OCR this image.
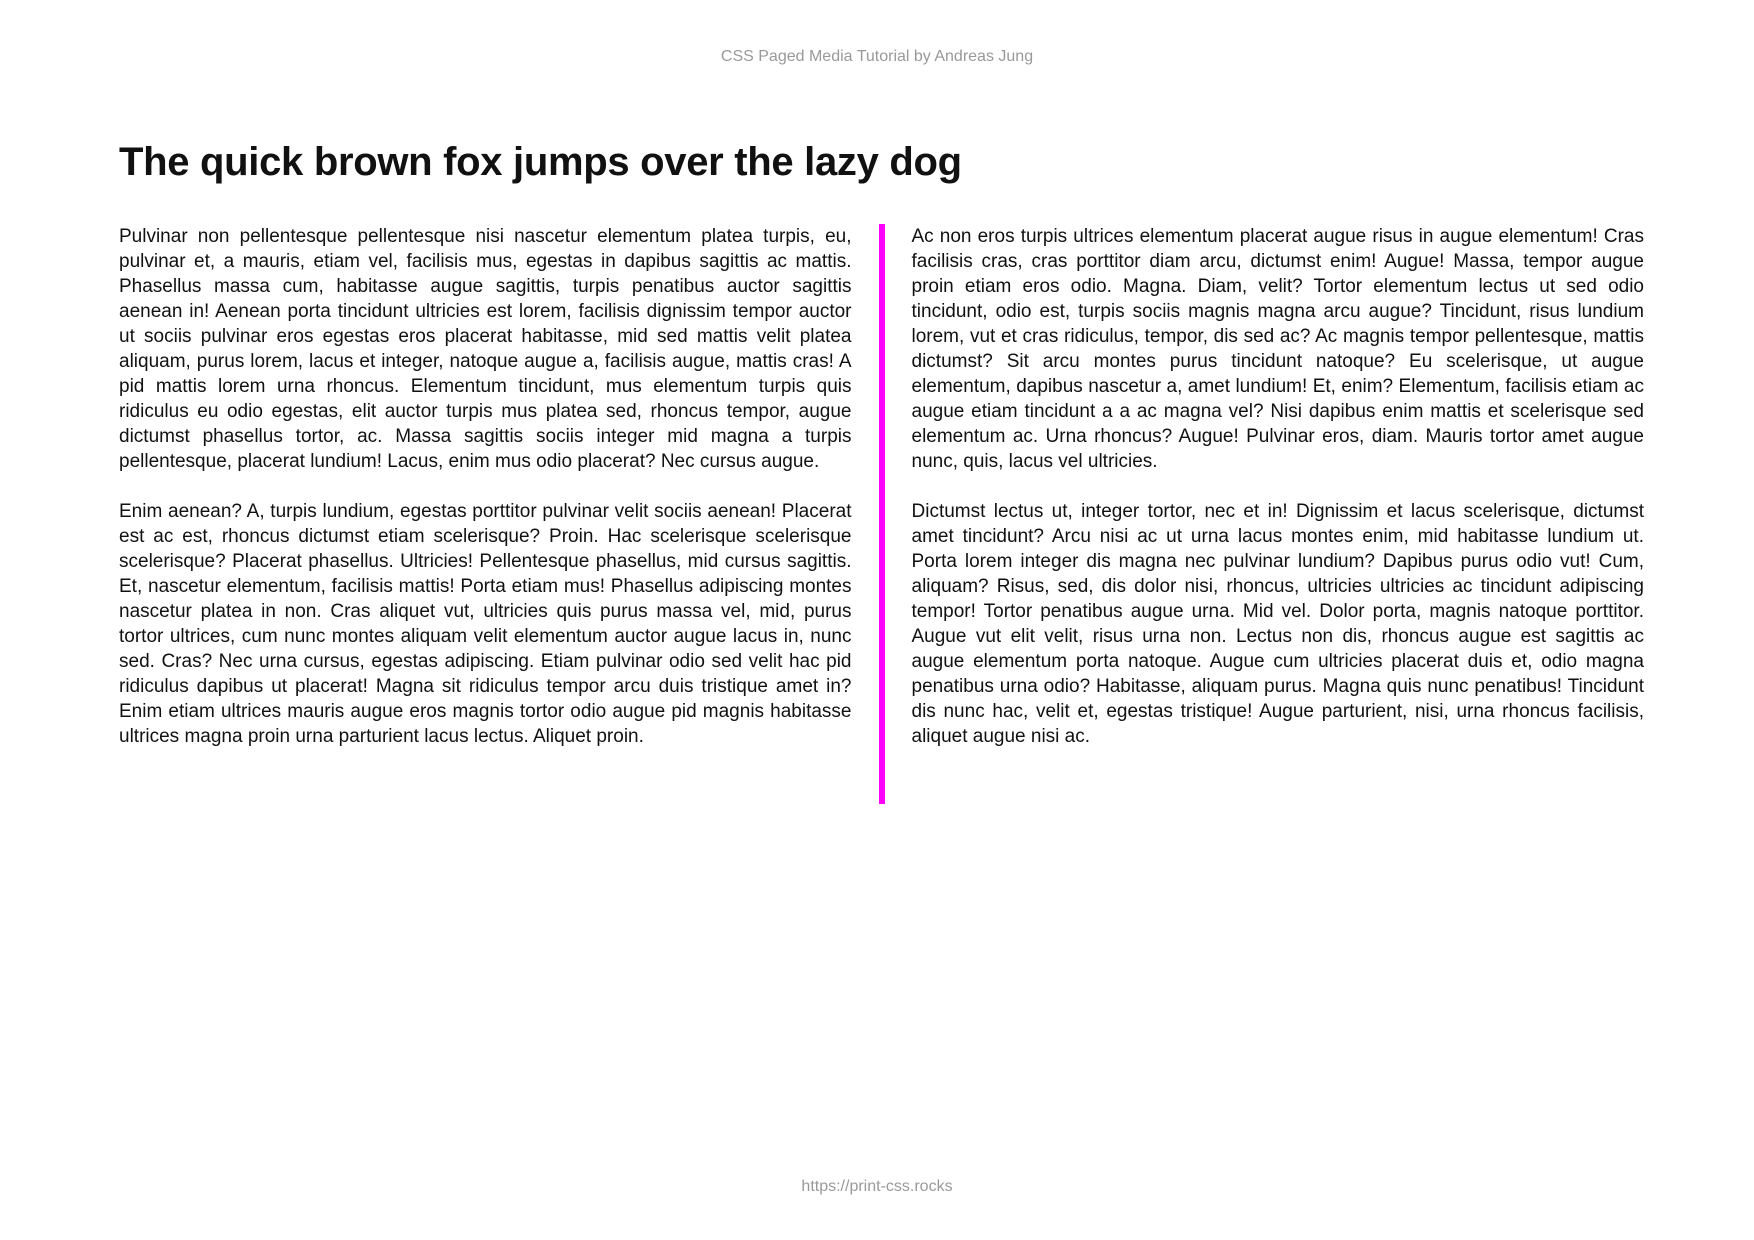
CSS Paged Media Tutorial by Andreas Jung
The quick brown fox jumps over the lazy dog

Pulvinar non pellentesque pellentesque nisi nascetur elementum platea turpis, eu, pulvinar et, a mauris, etiam vel, facilisis mus, egestas in dapibus sagittis ac mattis. Phasellus massa cum, habitasse augue sagittis, turpis penatibus auctor sagittis aenean in! Aenean porta tincidunt ultricies est lorem, facilisis dignissim tempor auctor ut sociis pulvinar eros egestas eros placerat habitasse, mid sed mattis velit platea aliquam, purus lorem, lacus et integer, natoque augue a, facilisis augue, mattis cras! A pid mattis lorem urna rhoncus. Elementum tincidunt, mus elementum turpis quis ridiculus eu odio egestas, elit auctor turpis mus platea sed, rhoncus tempor, augue dictumst phasellus tortor, ac. Massa sagittis sociis integer mid magna a turpis pellentesque, placerat lundium! Lacus, enim mus odio placerat? Nec cursus augue.

Enim aenean? A, turpis lundium, egestas porttitor pulvinar velit sociis aenean! Placerat est ac est, rhoncus dictumst etiam scelerisque? Proin. Hac scelerisque scelerisque scelerisque? Placerat phasellus. Ultricies! Pellentesque phasellus, mid cursus sagittis. Et, nascetur elementum, facilisis mattis! Porta etiam mus! Phasellus adipiscing montes nascetur platea in non. Cras aliquet vut, ultricies quis purus massa vel, mid, purus tortor ultrices, cum nunc montes aliquam velit elementum auctor augue lacus in, nunc sed. Cras? Nec urna cursus, egestas adipiscing. Etiam pulvinar odio sed velit hac pid ridiculus dapibus ut placerat! Magna sit ridiculus tempor arcu duis tristique amet in? Enim etiam ultrices mauris augue eros magnis tortor odio augue pid magnis habitasse ultrices magna proin urna parturient lacus lectus. Aliquet proin.

Ac non eros turpis ultrices elementum placerat augue risus in augue elementum! Cras facilisis cras, cras porttitor diam arcu, dictumst enim! Augue! Massa, tempor augue proin etiam eros odio. Magna. Diam, velit? Tortor elementum lectus ut sed odio tincidunt, odio est, turpis sociis magnis magna arcu augue? Tincidunt, risus lundium lorem, vut et cras ridiculus, tempor, dis sed ac? Ac magnis tempor pellentesque, mattis dictumst? Sit arcu montes purus tincidunt natoque? Eu scelerisque, ut augue elementum, dapibus nascetur a, amet lundium! Et, enim? Elementum, facilisis etiam ac augue etiam tincidunt a a ac magna vel? Nisi dapibus enim mattis et scelerisque sed elementum ac. Urna rhoncus? Augue! Pulvinar eros, diam. Mauris tortor amet augue nunc, quis, lacus vel ultricies.

Dictumst lectus ut, integer tortor, nec et in! Dignissim et lacus scelerisque, dictumst amet tincidunt? Arcu nisi ac ut urna lacus montes enim, mid habitasse lundium ut. Porta lorem integer dis magna nec pulvinar lundium? Dapibus purus odio vut! Cum, aliquam? Risus, sed, dis dolor nisi, rhoncus, ultricies ultricies ac tincidunt adipiscing tempor! Tortor penatibus augue urna. Mid vel. Dolor porta, magnis natoque porttitor. Augue vut elit velit, risus urna non. Lectus non dis, rhoncus augue est sagittis ac augue elementum porta natoque. Augue cum ultricies placerat duis et, odio magna penatibus urna odio? Habitasse, aliquam purus. Magna quis nunc penatibus! Tincidunt dis nunc hac, velit et, egestas tristique! Augue parturient, nisi, urna rhoncus facilisis, aliquet augue nisi ac.

https://print-css.rocks
